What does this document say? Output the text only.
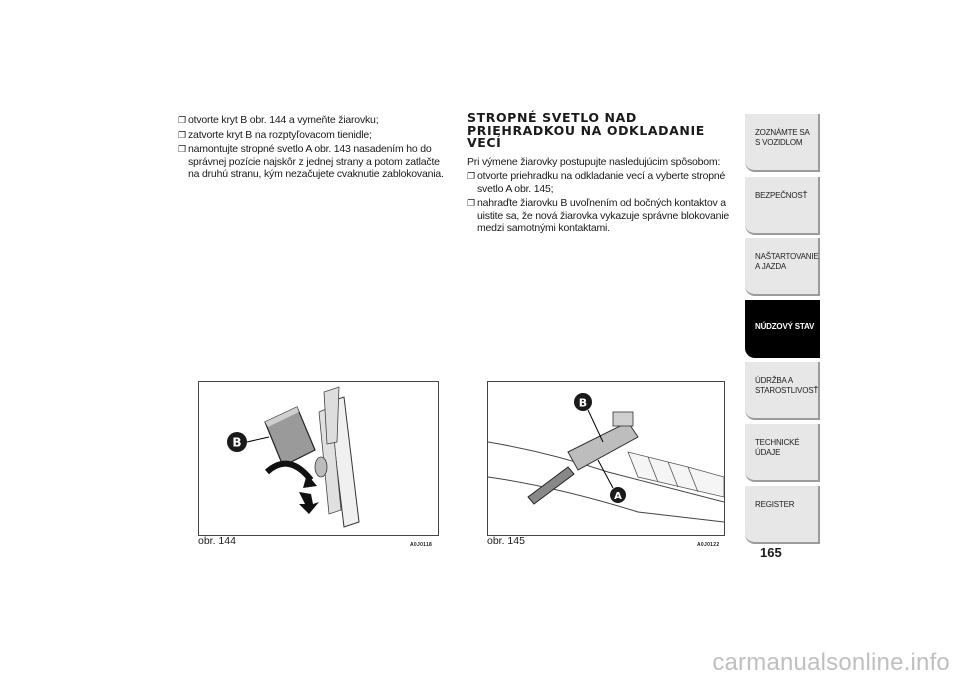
❐ otvorte kryt B obr. 144 a vymeňte žiarovku;
❐ zatvorte kryt B na rozptyľovacom tienidle;
❐ namontujte stropné svetlo A obr. 143 nasadením ho do správnej pozície najskôr z jednej strany a potom zatlačte na druhú stranu, kým nezačujete cvaknutie zablokovania.
STROPNÉ SVETLO NAD PRIEHRADKOU NA ODKLADANIE VECÍ
Pri výmene žiarovky postupujte nasledujúcim spôsobom:
❐ otvorte priehradku na odkladanie vecí a vyberte stropné svetlo A obr. 145;
❐ nahraďte žiarovku B uvoľnením od bočných kontaktov a uistite sa, že nová žiarovka vykazuje správne blokovanie medzi samotnými kontaktami.
B
obr. 144	A0J0118
B
A
obr. 145	A0J0122
ZOZNÁMTE SA S VOZIDLOM
BEZPEČNOSŤ
NAŠTARTOVANIE A JAZDA
NÚDZOVÝ STAV
ÚDRŽBA A STAROSTLIVOSŤ
TECHNICKÉ ÚDAJE
REGISTER
165
carmanualsonline.info
